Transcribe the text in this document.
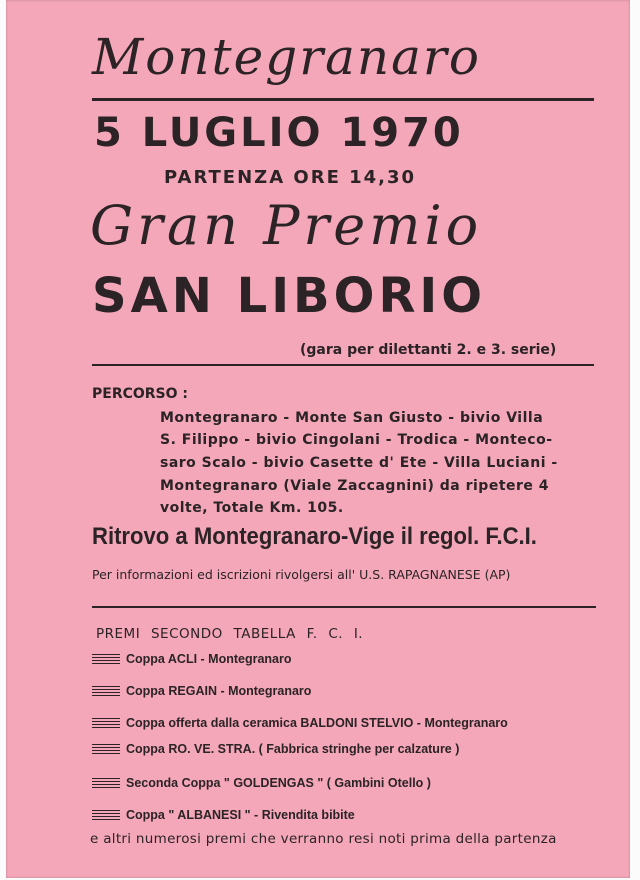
Montegranaro
5 LUGLIO 1970
PARTENZA ORE 14,30
Gran Premio
SAN LIBORIO
(gara per dilettanti 2. e 3. serie)
PERCORSO :
Montegranaro - Monte San Giusto - bivio Villa
S. Filippo - bivio Cingolani - Trodica - Monteco-
saro Scalo - bivio Casette d' Ete - Villa Luciani -
Montegranaro (Viale Zaccagnini) da ripetere 4
volte, Totale Km. 105.
Ritrovo a Montegranaro-Vige il regol. F.C.I.
Per informazioni ed iscrizioni rivolgersi all' U.S. RAPAGNANESE (AP)
PREMI SECONDO TABELLA F. C. I.
Coppa ACLI - Montegranaro
Coppa REGAIN - Montegranaro
Coppa offerta dalla ceramica BALDONI STELVIO - Montegranaro
Coppa RO. VE. STRA. ( Fabbrica stringhe per calzature )
Seconda Coppa " GOLDENGAS " ( Gambini Otello )
Coppa " ALBANESI " - Rivendita bibite
e altri numerosi premi che verranno resi noti prima della partenza
